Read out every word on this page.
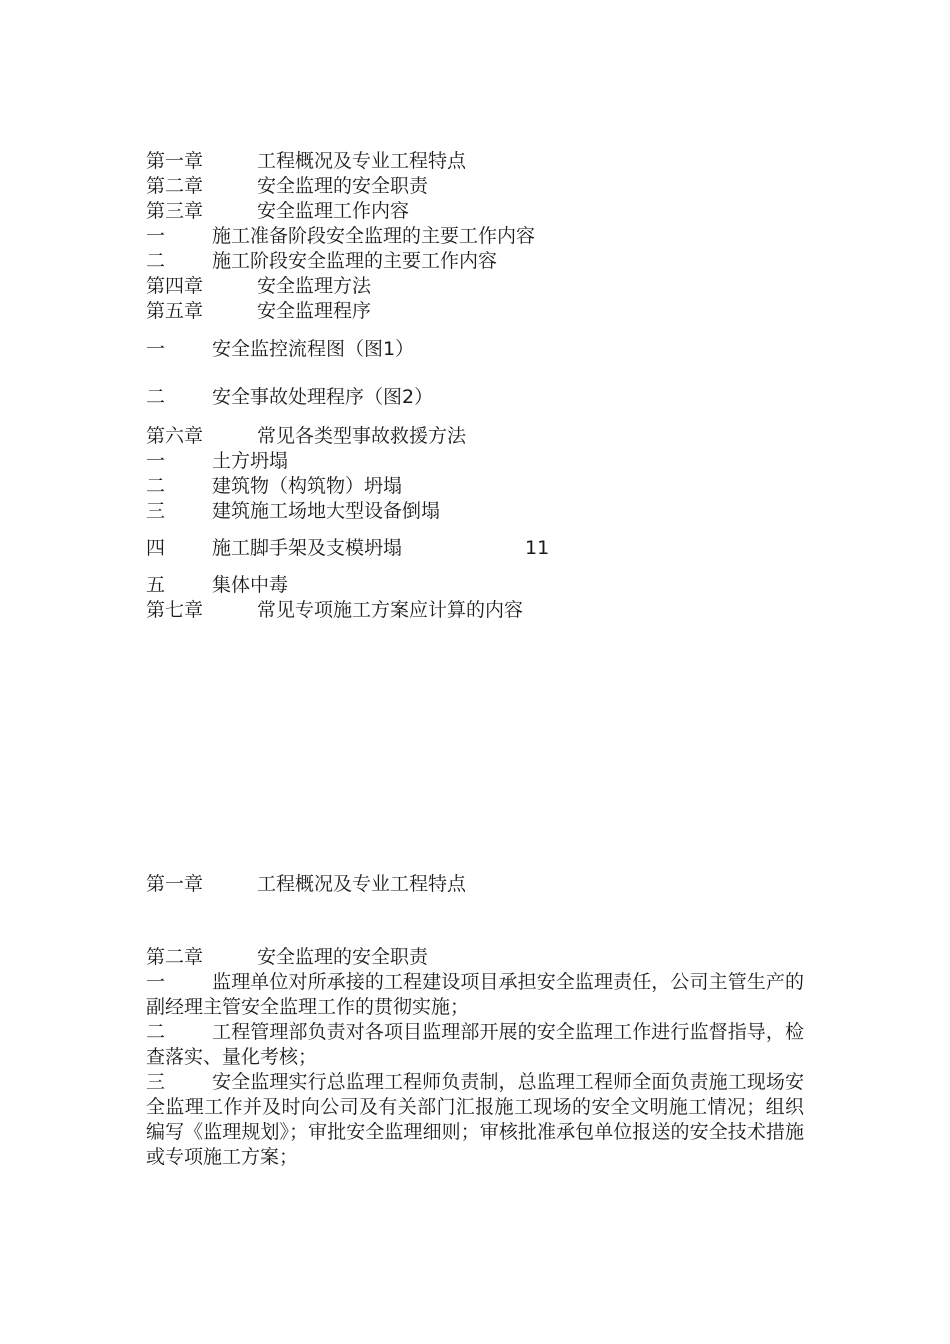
第一章	工程概况及专业工程特点
第二章	安全监理的安全职责
第三章	安全监理工作内容
一 施工准备阶段安全监理的主要工作内容
二 施工阶段安全监理的主要工作内容
第四章	安全监理方法
第五章	安全监理程序
一 安全监控流程图（图1）
二 安全事故处理程序（图2）
第六章	常见各类型事故救援方法
一 土方坍塌
二 建筑物（构筑物）坍塌
三 建筑施工场地大型设备倒塌
四 施工脚手架及支模坍塌	11
五 集体中毒
第七章	常见专项施工方案应计算的内容
第一章	工程概况及专业工程特点
第二章	安全监理的安全职责

一 监理单位对所承接的工程建设项目承担安全监理责任，公司主管生产的副经理主管安全监理工作的贯彻实施；

二 工程管理部负责对各项目监理部开展的安全监理工作进行监督指导，检查落实、量化考核；

三 安全监理实行总监理工程师负责制，总监理工程师全面负责施工现场安全监理工作并及时向公司及有关部门汇报施工现场的安全文明施工情况；组织编写《监理规划》；审批安全监理细则；审核批准承包单位报送的安全技术措施或专项施工方案；
